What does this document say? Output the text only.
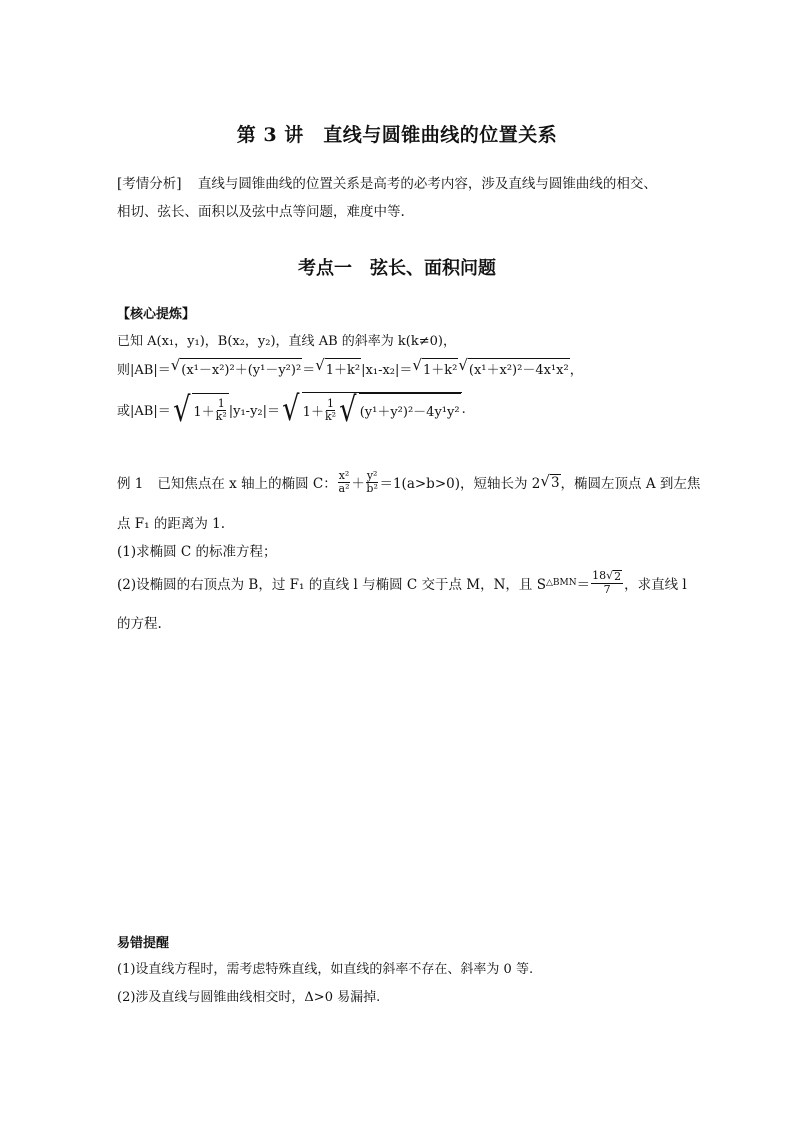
第 3 讲　直线与圆锥曲线的位置关系
[考情分析] 直线与圆锥曲线的位置关系是高考的必考内容，涉及直线与圆锥曲线的相交、
相切、弦长、面积以及弦中点等问题，难度中等.
考点一　弦长、面积问题
【核心提炼】
已知 A(x₁，y₁)，B(x₂，y₂)，直线 AB 的斜率为 k(k≠0)，
则|AB|＝ √ (x¹－x²)²＋(y¹－y²)² ＝ √ 1＋k² |x₁-x₂|＝ √ 1＋k² √ (x¹＋x²)²－4x¹x² ，
或|AB|＝ √ $1+ \frac{1}{\text{k²}} |y_1-y_2|=$ √ $1+ \frac{1}{\text{k²}}$ √ (y¹＋y²)²－4y¹y² .
例 1 已知焦点在 x 轴上的椭圆 C： $\frac{\text{x²}}{\text{a²}} + \frac{\text{y²}}{\text{b²}} =1(a>b>0)$，短轴长为 2 √ 3 ，椭圆左顶点 A 到左焦
点 F₁ 的距离为 1.
(1)求椭圆 C 的标准方程；
(2)设椭圆的右顶点为 B，过 F₁ 的直线 l 与椭圆 C 交于点 M，N，且 S △BMN ＝ $\frac{18 √ 2}{7}$ ，求直线 l
的方程.
易错提醒
(1)设直线方程时，需考虑特殊直线，如直线的斜率不存在、斜率为 0 等.
(2)涉及直线与圆锥曲线相交时，Δ>0 易漏掉.
